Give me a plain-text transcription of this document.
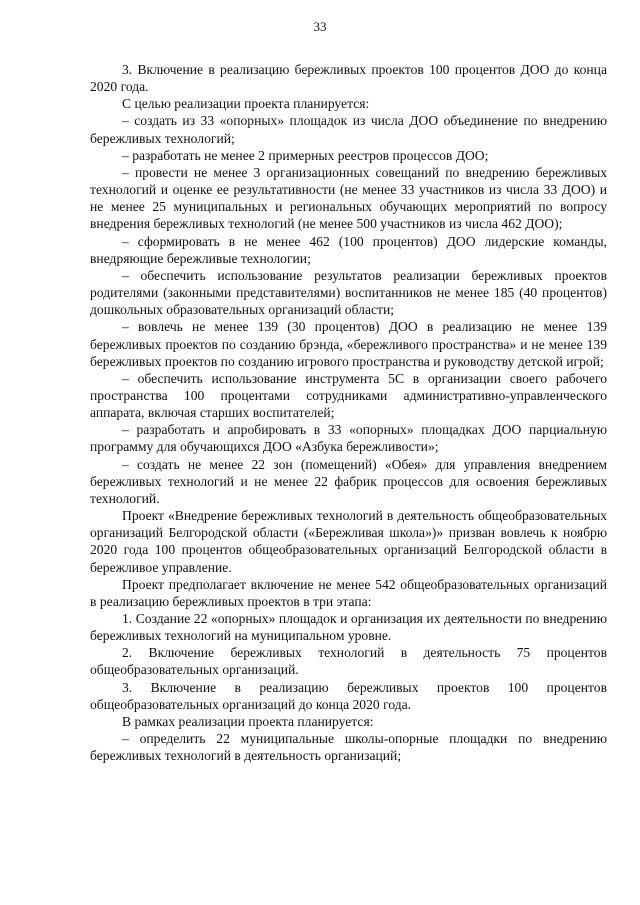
33

3. Включение в реализацию бережливых проектов 100 процентов ДОО до конца 2020 года.

С целью реализации проекта планируется:

– создать из 33 «опорных» площадок из числа ДОО объединение по внедрению бережливых технологий;

– разработать не менее 2 примерных реестров процессов ДОО;

– провести не менее 3 организационных совещаний по внедрению бережливых технологий и оценке ее результативности (не менее 33 участников из числа 33 ДОО) и не менее 25 муниципальных и региональных обучающих мероприятий по вопросу внедрения бережливых технологий (не менее 500 участников из числа 462 ДОО);

– сформировать в не менее 462 (100 процентов) ДОО лидерские команды, внедряющие бережливые технологии;

– обеспечить использование результатов реализации бережливых проектов родителями (законными представителями) воспитанников не менее 185 (40 процентов) дошкольных образовательных организаций области;

– вовлечь не менее 139 (30 процентов) ДОО в реализацию не менее 139 бережливых проектов по созданию брэнда, «бережливого пространства» и не менее 139 бережливых проектов по созданию игрового пространства и руководству детской игрой;

– обеспечить использование инструмента 5С в организации своего рабочего пространства 100 процентами сотрудниками административно-управленческого аппарата, включая старших воспитателей;

– разработать и апробировать в 33 «опорных» площадках ДОО парциальную программу для обучающихся ДОО «Азбука бережливости»;

– создать не менее 22 зон (помещений) «Обея» для управления внедрением бережливых технологий и не менее 22 фабрик процессов для освоения бережливых технологий.

Проект «Внедрение бережливых технологий в деятельность общеобразовательных организаций Белгородской области («Бережливая школа»)» призван вовлечь к ноябрю 2020 года 100 процентов общеобразовательных организаций Белгородской области в бережливое управление.

Проект предполагает включение не менее 542 общеобразовательных организаций в реализацию бережливых проектов в три этапа:

1. Создание 22 «опорных» площадок и организация их деятельности по внедрению бережливых технологий на муниципальном уровне.

2. Включение бережливых технологий в деятельность 75 процентов общеобразовательных организаций.

3. Включение в реализацию бережливых проектов 100 процентов общеобразовательных организаций до конца 2020 года.

В рамках реализации проекта планируется:

– определить 22 муниципальные школы-опорные площадки по внедрению бережливых технологий в деятельность организаций;
